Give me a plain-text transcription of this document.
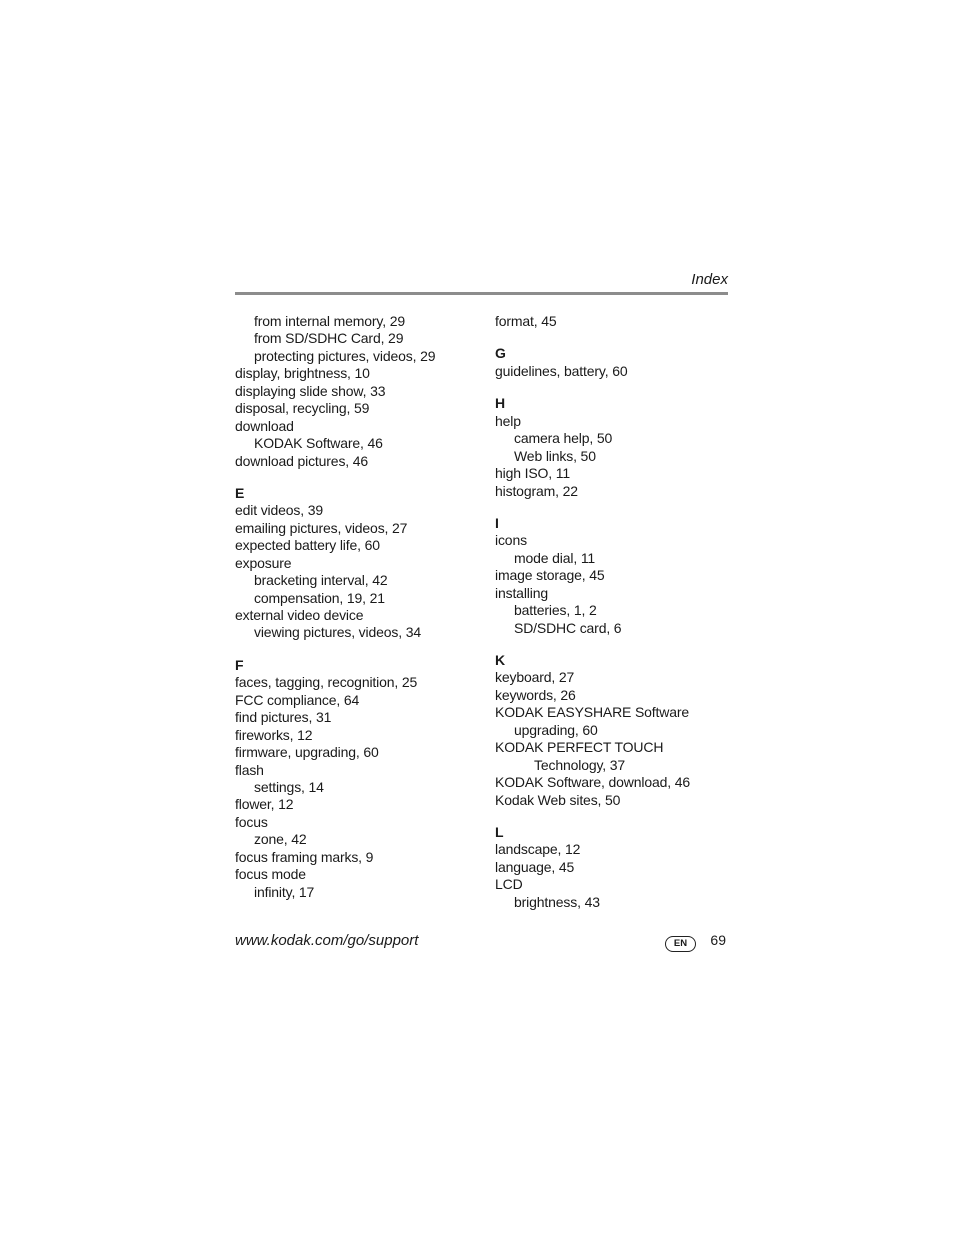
Index
from internal memory, 29
from SD/SDHC Card, 29
protecting pictures, videos, 29
display, brightness, 10
displaying slide show, 33
disposal, recycling, 59
download
KODAK Software, 46
download pictures, 46
E
edit videos, 39
emailing pictures, videos, 27
expected battery life, 60
exposure
bracketing interval, 42
compensation, 19, 21
external video device
viewing pictures, videos, 34
F
faces, tagging, recognition, 25
FCC compliance, 64
find pictures, 31
fireworks, 12
firmware, upgrading, 60
flash
settings, 14
flower, 12
focus
zone, 42
focus framing marks, 9
focus mode
infinity, 17
format, 45
G
guidelines, battery, 60
H
help
camera help, 50
Web links, 50
high ISO, 11
histogram, 22
I
icons
mode dial, 11
image storage, 45
installing
batteries, 1, 2
SD/SDHC card, 6
K
keyboard, 27
keywords, 26
KODAK EASYSHARE Software
upgrading, 60
KODAK PERFECT TOUCH
Technology, 37
KODAK Software, download, 46
Kodak Web sites, 50
L
landscape, 12
language, 45
LCD
brightness, 43
www.kodak.com/go/support	EN	69
